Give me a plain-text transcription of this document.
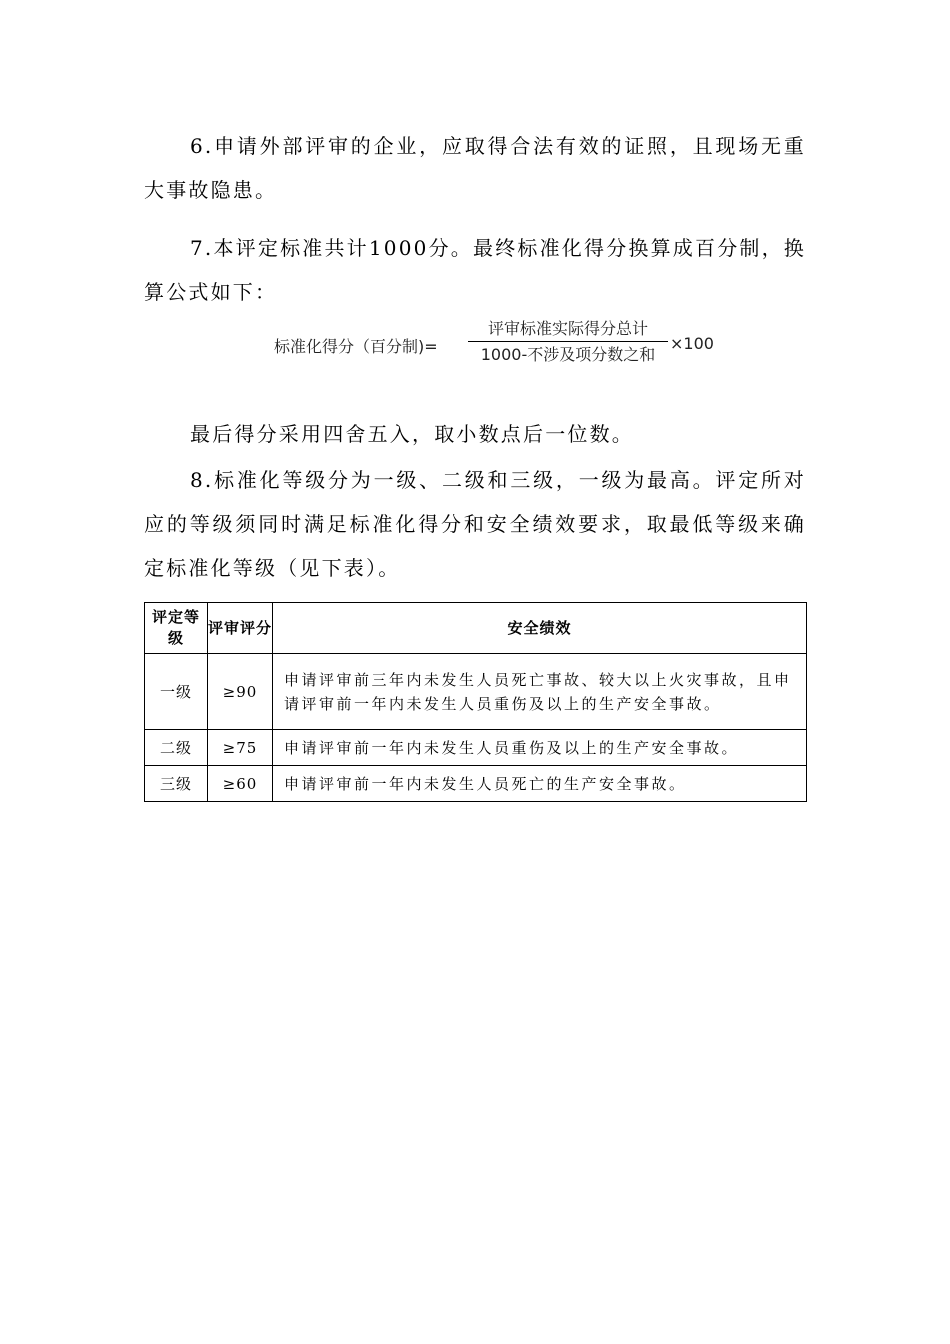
6.申请外部评审的企业，应取得合法有效的证照，且现场无重大事故隐患。

7.本评定标准共计1000分。最终标准化得分换算成百分制，换算公式如下：

标准化得分（百分制)=
评审标准实际得分总计
1000-不涉及项分数之和
×100

最后得分采用四舍五入，取小数点后一位数。

8.标准化等级分为一级、二级和三级，一级为最高。评定所对应的等级须同时满足标准化得分和安全绩效要求，取最低等级来确定标准化等级（见下表）。

评定等级	评审评分	安全绩效
一级	≥90	申请评审前三年内未发生人员死亡事故、较大以上火灾事故，且申请评审前一年内未发生人员重伤及以上的生产安全事故。
二级	≥75	申请评审前一年内未发生人员重伤及以上的生产安全事故。
三级	≥60	申请评审前一年内未发生人员死亡的生产安全事故。
